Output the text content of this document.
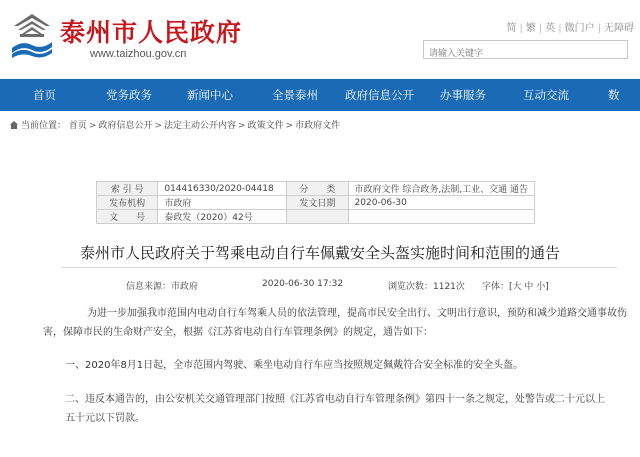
泰州市人民政府
www.taizhou.gov.cn
简 | 繁 | 英 | 微门户 | 无障碍
请输入关键字
首页	党务政务	新闻中心	全景泰州 政府信息公开 办事服务	互动交流	数
当前位置： 首页 > 政府信息公开 > 法定主动公开内容 > 政策文件 > 市政府文件
索 引 号	014416330/2020-04418	分　　类	市政府文件 综合政务,法制,工业、交通 通告
发布机构	市政府	发文日期	2020-06-30
文　　号	泰政发（2020）42号		
泰州市人民政府关于驾乘电动自行车佩戴安全头盔实施时间和范围的通告
信息来源：市政府	2020-06-30 17:32	浏览次数：1121次 字体：[大 中 小]
为进一步加强我市范围内电动自行车驾乘人员的依法管理，提高市民安全出行、文明出行意识，预防和减少道路交通事故伤
害，保障市民的生命财产安全，根据《江苏省电动自行车管理条例》的规定，通告如下：
一、2020年8月1日起，全市范围内驾驶、乘坐电动自行车应当按照规定佩戴符合安全标准的安全头盔。
二、违反本通告的，由公安机关交通管理部门按照《江苏省电动自行车管理条例》第四十一条之规定，处警告或二十元以上
五十元以下罚款。
